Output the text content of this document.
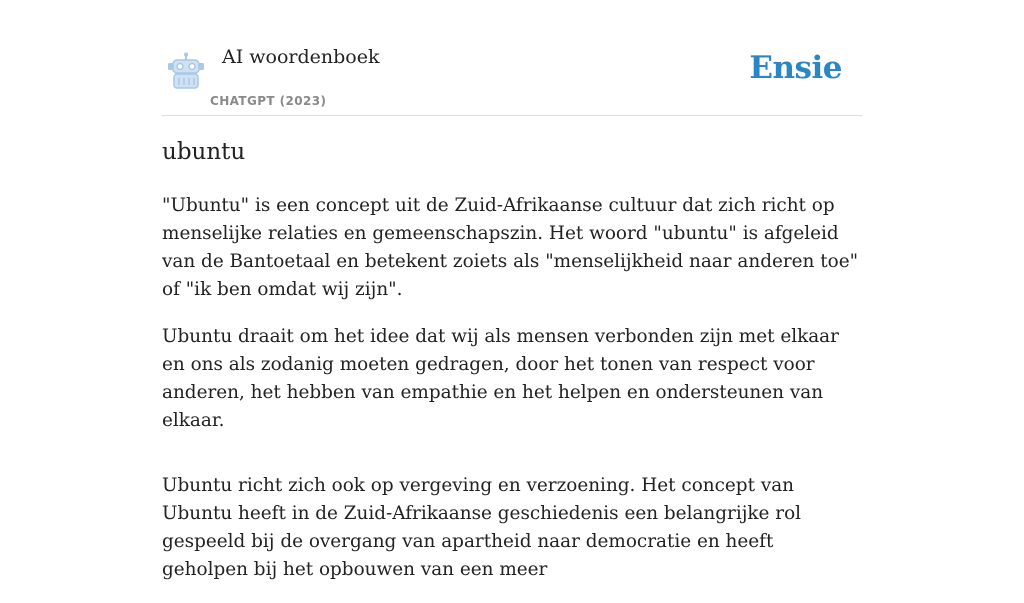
AI woordenboek
CHATGPT (2023)
Ensie
ubuntu

"Ubuntu" is een concept uit de Zuid-Afrikaanse cultuur dat zich richt op menselijke relaties en gemeenschapszin. Het woord "ubuntu" is afgeleid van de Bantoetaal en betekent zoiets als "menselijkheid naar anderen toe" of "ik ben omdat wij zijn".

Ubuntu draait om het idee dat wij als mensen verbonden zijn met elkaar en ons als zodanig moeten gedragen, door het tonen van respect voor anderen, het hebben van empathie en het helpen en ondersteunen van elkaar.

Ubuntu richt zich ook op vergeving en verzoening. Het concept van Ubuntu heeft in de Zuid-Afrikaanse geschiedenis een belangrijke rol gespeeld bij de overgang van apartheid naar democratie en heeft geholpen bij het opbouwen van een meer
